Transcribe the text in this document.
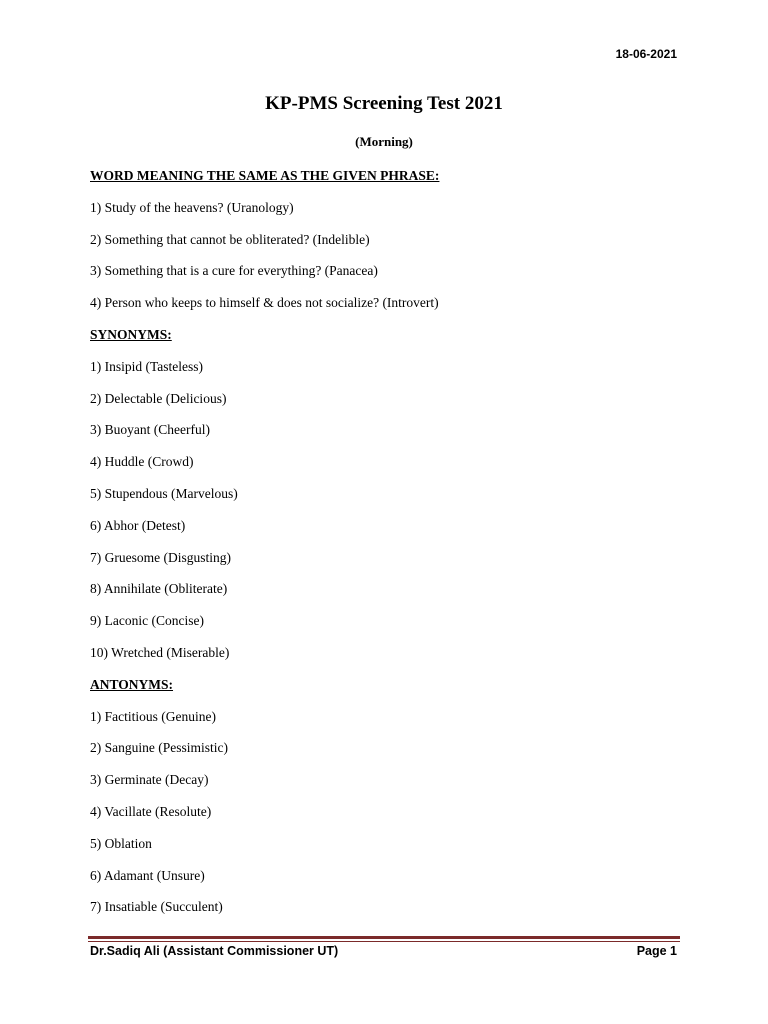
18-06-2021
KP-PMS Screening Test 2021
(Morning)
WORD MEANING THE SAME AS THE GIVEN PHRASE:
1) Study of the heavens? (Uranology)
2) Something that cannot be obliterated? (Indelible)
3) Something that is a cure for everything? (Panacea)
4) Person who keeps to himself & does not socialize? (Introvert)
SYNONYMS:
1) Insipid (Tasteless)
2) Delectable (Delicious)
3) Buoyant (Cheerful)
4) Huddle (Crowd)
5) Stupendous (Marvelous)
6) Abhor (Detest)
7) Gruesome (Disgusting)
8) Annihilate (Obliterate)
9) Laconic (Concise)
10) Wretched (Miserable)
ANTONYMS:
1) Factitious (Genuine)
2) Sanguine (Pessimistic)
3) Germinate (Decay)
4) Vacillate (Resolute)
5) Oblation
6) Adamant (Unsure)
7) Insatiable (Succulent)
Dr.Sadiq Ali (Assistant Commissioner UT)	Page 1
